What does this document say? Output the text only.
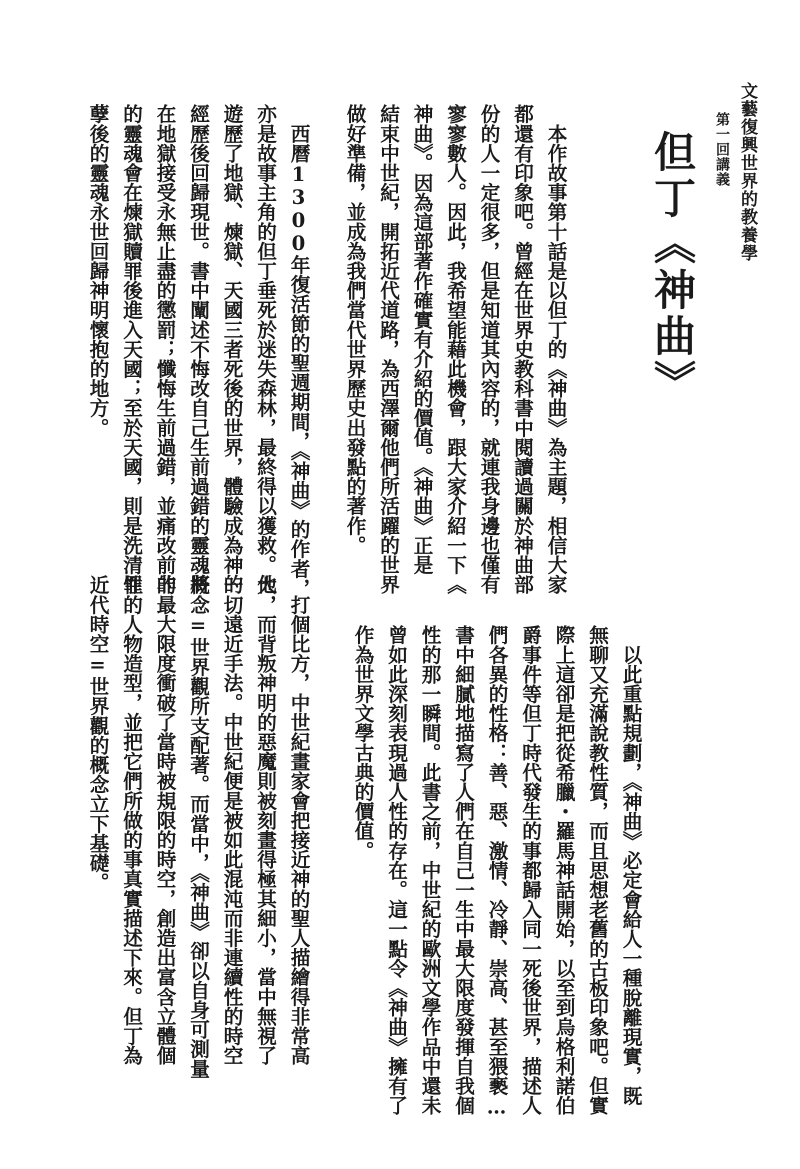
文藝復興世界的教養學
第一回講義
但丁《神曲》

　本作故事第十話是以但丁的《神曲》為主題，相信大家

都還有印象吧。曾經在世界史教科書中閱讀過關於神曲部

份的人一定很多，但是知道其內容的，就連我身邊也僅有

寥寥數人。因此，我希望能藉此機會，跟大家介紹一下《

神曲》。因為這部著作確實有介紹的價值。《神曲》正是

結束中世紀，開拓近代道路，為西澤爾他們所活躍的世界

做好準備，並成為我們當代世界歷史出發點的著作。

　西曆1300年復活節的聖週期間，《神曲》的作者，

亦是故事主角的但丁垂死於迷失森林，最終得以獲救。他

遊歷了地獄、煉獄、天國三者死後的世界，體驗成為神的

經歷後回歸現世。書中闡述不悔改自己生前過錯的靈魂將

在地獄接受永無止盡的懲罰；懺悔生前過錯，並痛改前非

的靈魂會在煉獄贖罪後進入天國；至於天國，則是洗清罪

孽後的靈魂永世回歸神明懷抱的地方。

　以此重點規劃，《神曲》必定會給人一種脫離現實，既

無聊又充滿說教性質，而且思想老舊的古板印象吧。但實

際上這卻是把從希臘・羅馬神話開始，以至到烏格利諾伯

爵事件等但丁時代發生的事都歸入同一死後世界，描述人

們各異的性格：善、惡、激情、冷靜、崇高、甚至猥褻…

書中細膩地描寫了人們在自己一生中最大限度發揮自我個

性的那一瞬間。此書之前，中世紀的歐洲文學作品中還未

曾如此深刻表現過人性的存在。這一點令《神曲》擁有了

作為世界文學古典的價值。

　打個比方，中世紀畫家會把接近神的聖人描繪得非常高

大，而背叛神明的惡魔則被刻畫得極其細小，當中無視了

一切遠近手法。中世紀便是被如此混沌而非連續性的時空

概念=世界觀所支配著。而當中，《神曲》卻以自身可測量

的最大限度衝破了當時被規限的時空，創造出富含立體個

性的人物造型，並把它們所做的事真實描述下來。但丁為

近代時空=世界觀的概念立下基礎。
